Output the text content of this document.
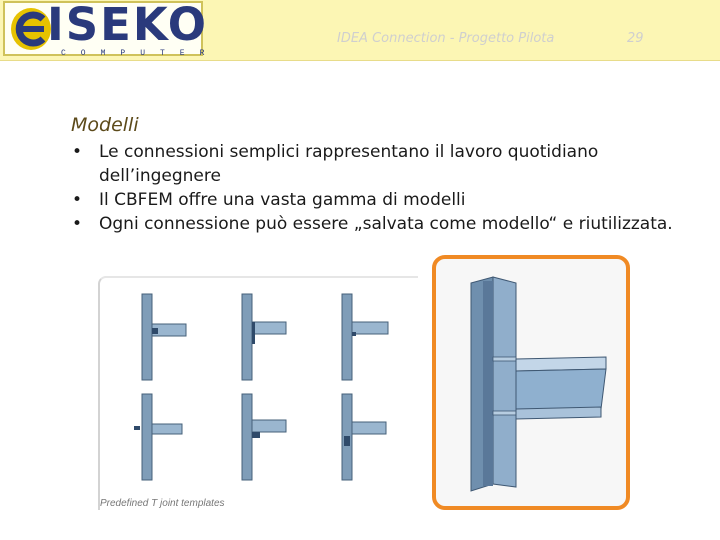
ISEKO
COMPUTER
IDEA Connection - Progetto Pilota	29
Modelli
• Le connessioni semplici rappresentano il lavoro quotidiano dell’ingegnere
• Il CBFEM offre una vasta gamma di modelli
• Ogni connessione può essere „salvata come modello“ e riutilizzata.
Predefined T joint templates
